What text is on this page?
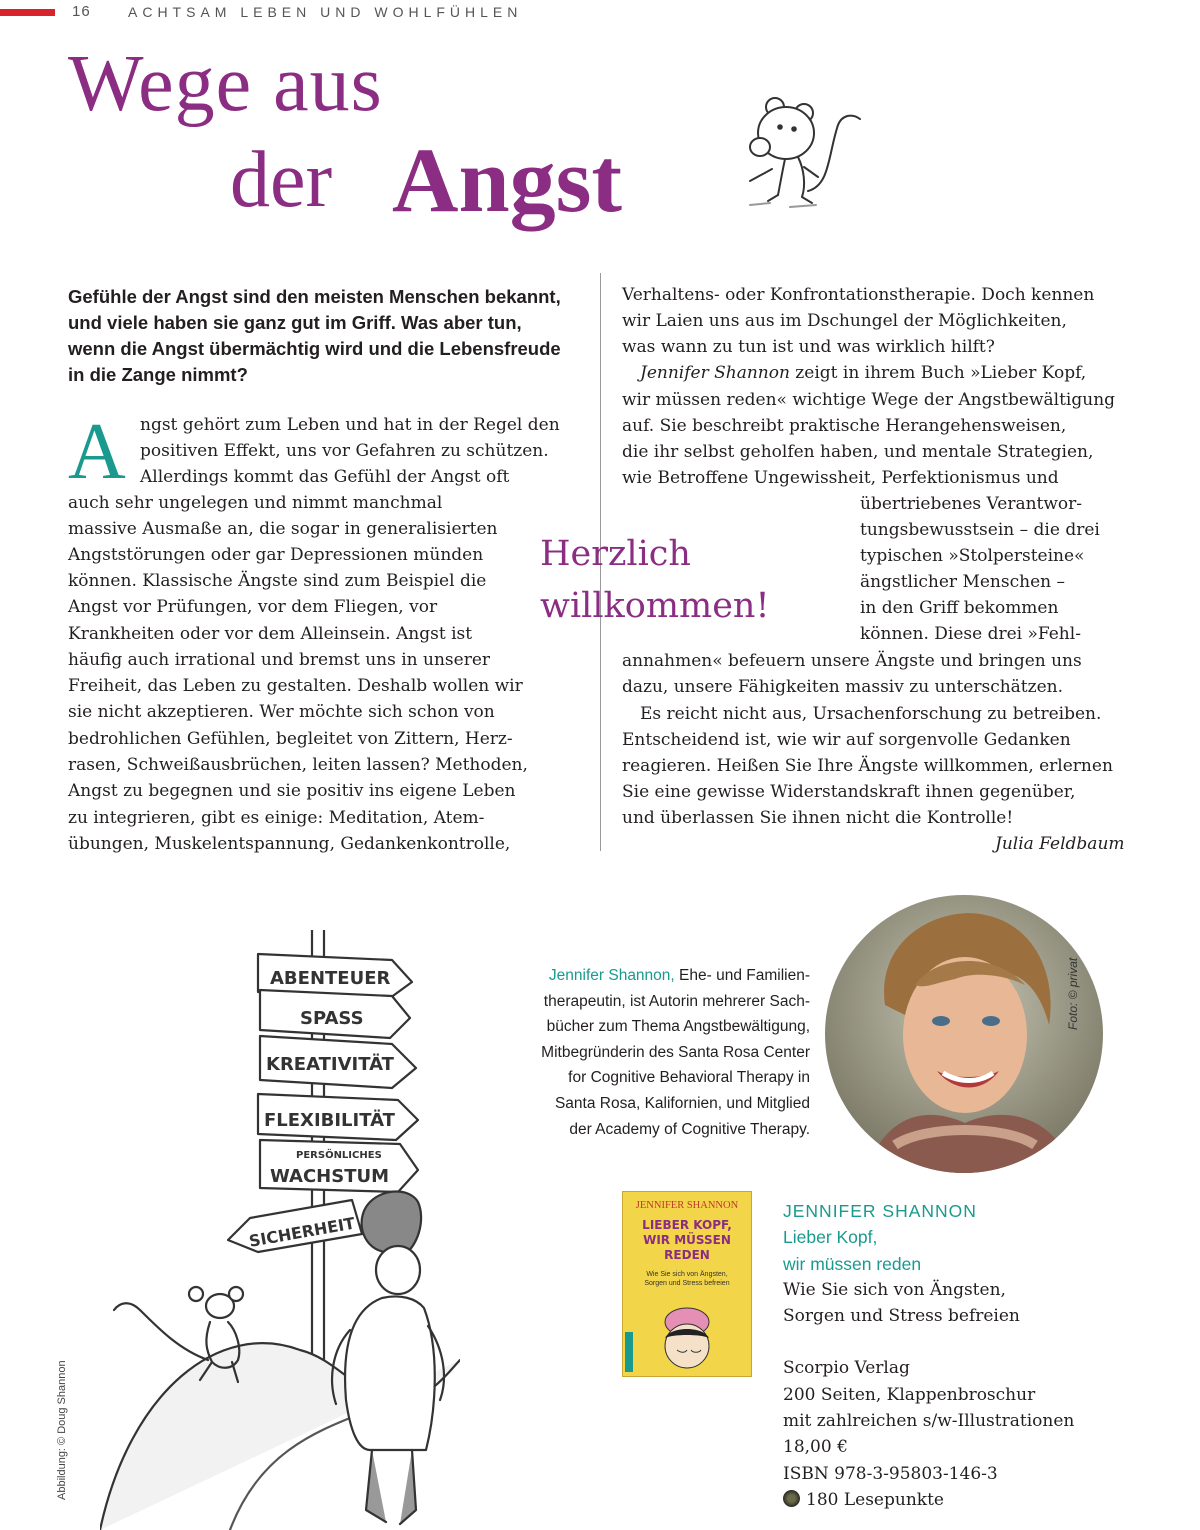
16	ACHTSAM LEBEN UND WOHLFÜHLEN
Wege aus
der Angst
Gefühle der Angst sind den meisten Menschen bekannt, und viele haben sie ganz gut im Griff. Was aber tun, wenn die Angst übermächtig wird und die Lebensfreude in die Zange nimmt?
A ngst gehört zum Leben und hat in der Regel den
positiven Effekt, uns vor Gefahren zu schützen.
Allerdings kommt das Gefühl der Angst oft
auch sehr ungelegen und nimmt manchmal
massive Ausmaße an, die sogar in generalisierten
Angststörungen oder gar Depressionen münden
können. Klassische Ängste sind zum Beispiel die
Angst vor Prüfungen, vor dem Fliegen, vor
Krankheiten oder vor dem Alleinsein. Angst ist
häufig auch irrational und bremst uns in unserer
Freiheit, das Leben zu gestalten. Deshalb wollen wir
sie nicht akzeptieren. Wer möchte sich schon von
bedrohlichen Gefühlen, begleitet von Zittern, Herz-
rasen, Schweißausbrüchen, leiten lassen? Methoden,
Angst zu begegnen und sie positiv ins eigene Leben
zu integrieren, gibt es einige: Meditation, Atem-
übungen, Muskelentspannung, Gedankenkontrolle,
Verhaltens- oder Konfrontationstherapie. Doch kennen
wir Laien uns aus im Dschungel der Möglichkeiten,
was wann zu tun ist und was wirklich hilft?
Jennifer Shannon zeigt in ihrem Buch »Lieber Kopf,
wir müssen reden« wichtige Wege der Angstbewältigung
auf. Sie beschreibt praktische Herangehensweisen,
die ihr selbst geholfen haben, und mentale Strategien,
wie Betroffene Ungewissheit, Perfektionismus und
übertriebenes Verantwor-
tungsbewusstsein – die drei
typischen »Stolpersteine«
ängstlicher Menschen –
in den Griff bekommen
können. Diese drei »Fehl-
annahmen« befeuern unsere Ängste und bringen uns
dazu, unsere Fähigkeiten massiv zu unterschätzen.
Es reicht nicht aus, Ursachenforschung zu betreiben.
Entscheidend ist, wie wir auf sorgenvolle Gedanken
reagieren. Heißen Sie Ihre Ängste willkommen, erlernen
Sie eine gewisse Widerstandskraft ihnen gegenüber,
und überlassen Sie ihnen nicht die Kontrolle!
Julia Feldbaum
Herzlich
willkommen!
ABENTEUER
SPASS
KREATIVITÄT
FLEXIBILITÄT
PERSÖNLICHES
WACHSTUM
SICHERHEIT
Abbildung: © Doug Shannon
Jennifer Shannon, Ehe- und Familien-
therapeutin, ist Autorin mehrerer Sach-
bücher zum Thema Angstbewältigung,
Mitbegründerin des Santa Rosa Center
for Cognitive Behavioral Therapy in
Santa Rosa, Kalifornien, und Mitglied
der Academy of Cognitive Therapy.
Foto: © privat
JENNIFER SHANNON
LIEBER KOPF,
WIR MÜSSEN
REDEN
Wie Sie sich von Ängsten,
Sorgen und Stress befreien
JENNIFER SHANNON
Lieber Kopf,
wir müssen reden
Wie Sie sich von Ängsten,
Sorgen und Stress befreien
Scorpio Verlag
200 Seiten, Klappenbroschur
mit zahlreichen s/w-Illustrationen
18,00 €
ISBN 978-3-95803-146-3
180 Lesepunkte
